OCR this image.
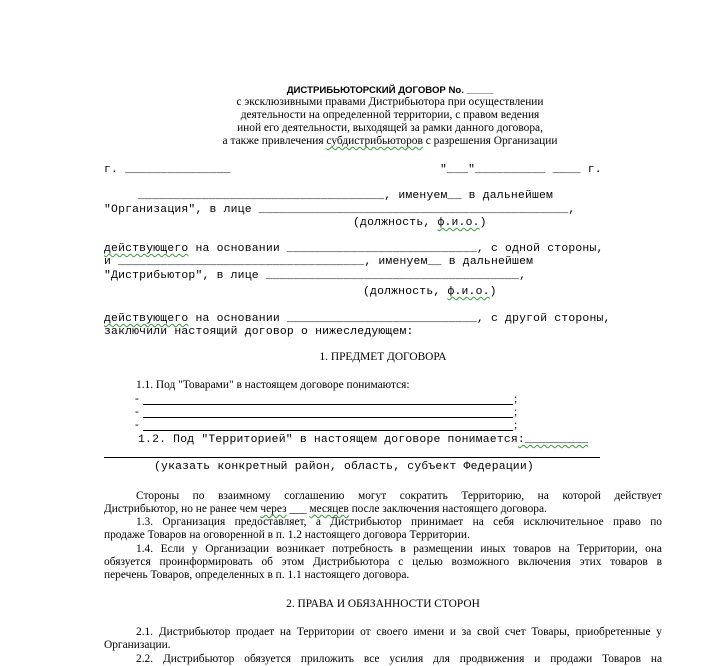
ДИСТРИБЬЮТОРСКИЙ ДОГОВОР No. _____
с эксклюзивными правами Дистрибьютора при осуществлении
деятельности на определенной территории, с правом ведения
иной его деятельности, выходящей за рамки данного договора,
а также привлечения субдистрибьюторов с разрешения Организации
г. _______________	"___"__________ ____ г.
___________________________________, именуем__ в дальнейшем
"Организация", в лице ____________________________________________,
(должность, ф.и.о.)
действующего на основании ___________________________, с одной стороны,
и ___________________________________, именуем__ в дальнейшем
"Дистрибьютор", в лице ____________________________________,
(должность, ф.и.о.)
действующего на основании ___________________________, с другой стороны,
заключили настоящий договор о нижеследующем:
1. ПРЕДМЕТ ДОГОВОРА
1.1. Под "Товарами" в настоящем договоре понимаются:
-	;
-	;
-	;
1.2. Под "Территорией" в настоящем договоре понимается:_________
(указать конкретный район, область, субъект Федерации)
Стороны по взаимному соглашению могут сократить Территорию, на которой действует
Дистрибьютор, но не ранее чем через ___ месяцев после заключения настоящего договора.
1.3. Организация предоставляет, а Дистрибьютор принимает на себя исключительное право по
продаже Товаров на оговоренной в п. 1.2 настоящего договора Территории.
1.4. Если у Организации возникает потребность в размещении иных товаров на Территории, она
обязуется проинформировать об этом Дистрибьютора с целью возможного включения этих товаров в
перечень Товаров, определенных в п. 1.1 настоящего договора.
2. ПРАВА И ОБЯЗАННОСТИ СТОРОН
2.1. Дистрибьютор продает на Территории от своего имени и за свой счет Товары, приобретенные у
Организации.
2.2. Дистрибьютор обязуется приложить все усилия для продвижения и продажи Товаров на
